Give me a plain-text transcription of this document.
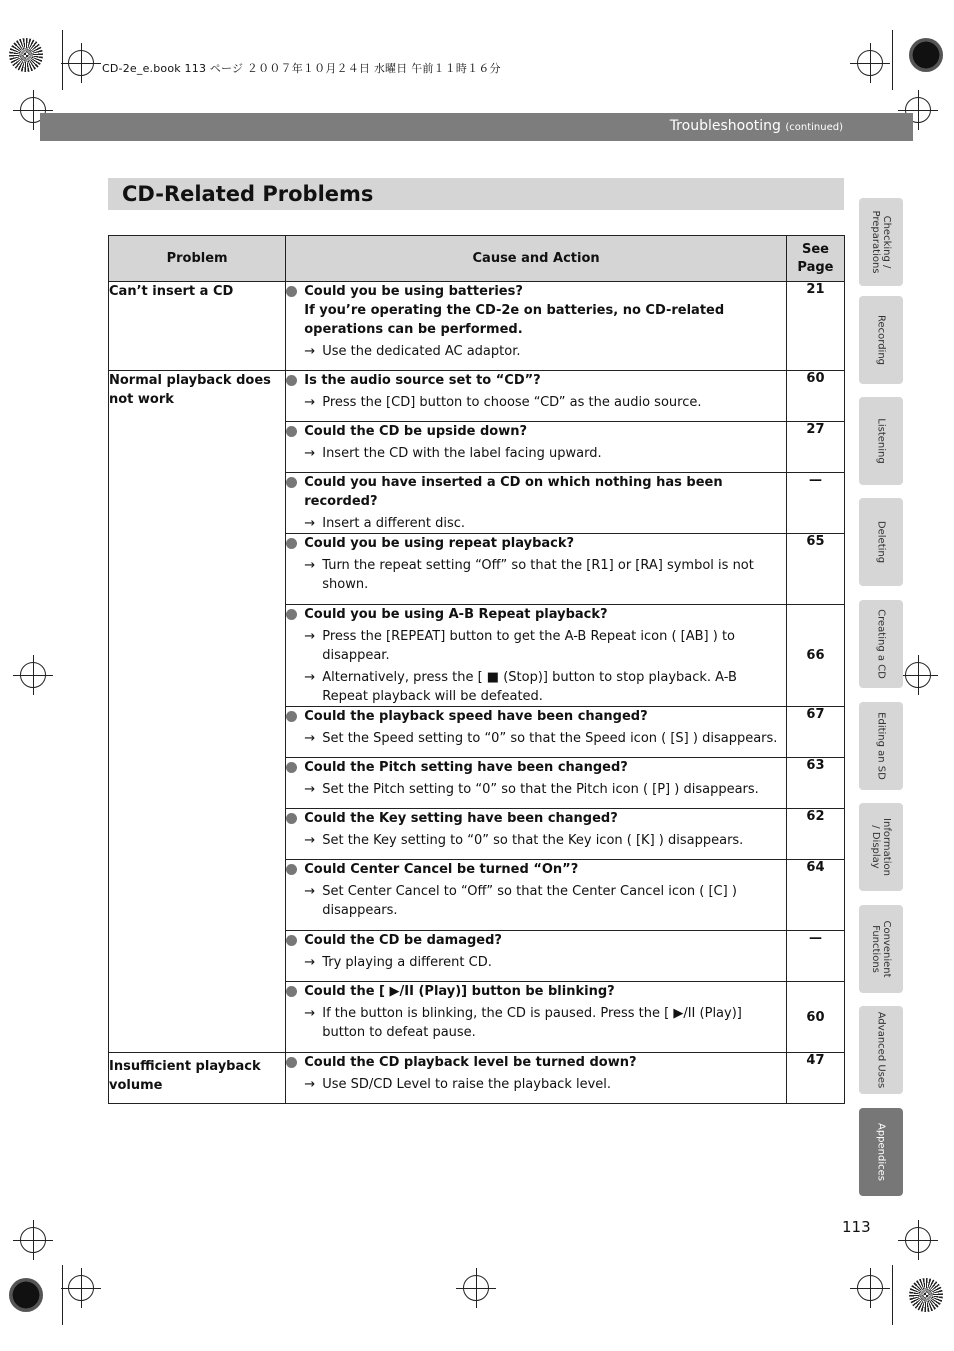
CD-2e_e.book 113 ページ ２００７年１０月２４日 水曜日 午前１１時１６分
Troubleshooting (continued)
CD-Related Problems
Problem	Cause and Action	See
Page
Can’t insert a CD	Could you be using batteries?
If you’re operating the CD-2e on batteries, no CD-related operations can be performed.
→ Use the dedicated AC adaptor.	21
Normal playback does not work	Is the audio source set to “CD”?
→ Press the [CD] button to choose “CD” as the audio source.	60

	Could the CD be upside down?
→ Insert the CD with the label facing upward.	27

	Could you have inserted a CD on which nothing has been recorded?
→ Insert a different disc.	—

	Could you be using repeat playback?
→ Turn the repeat setting “Off” so that the [R1] or [RA] symbol is not shown.	65

	Could you be using A-B Repeat playback?
→ Press the [REPEAT] button to get the A-B Repeat icon ( [AB] ) to disappear.
→ Alternatively, press the [ ■ (Stop)] button to stop playback. A-B Repeat playback will be defeated.	66

	Could the playback speed have been changed?
→ Set the Speed setting to “0” so that the Speed icon ( [S] ) disappears.	67

	Could the Pitch setting have been changed?
→ Set the Pitch setting to “0” so that the Pitch icon ( [P] ) disappears.	63

	Could the Key setting have been changed?
→ Set the Key setting to “0” so that the Key icon ( [K] ) disappears.	62

	Could Center Cancel be turned “On”?
→ Set Center Cancel to “Off” so that the Center Cancel icon ( [C] ) disappears.	64

	Could the CD be damaged?
→ Try playing a different CD.	—

	Could the [ ▶/II (Play)] button be blinking?
→ If the button is blinking, the CD is paused. Press the [ ▶/II (Play)] button to defeat pause.	60
Insufficient playback volume	Could the CD playback level be turned down?
→ Use SD/CD Level to raise the playback level.	47
Checking /
Preparations
Recording
Listening
Deleting
Creating a CD
Editing an SD
Information
/ Display
Convenient
Functions
Advanced Uses
Appendices
113
